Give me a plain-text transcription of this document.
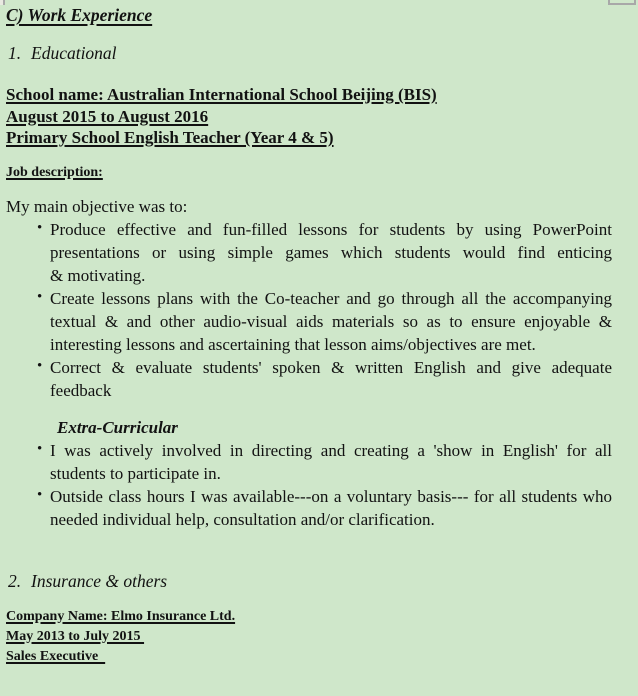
C) Work Experience
1. Educational
School name: Australian International School Beijing (BIS)
August 2015 to August 2016
Primary School English Teacher (Year 4 & 5)
Job description:
My main objective was to:
• Produce effective and fun-filled lessons for students by using PowerPoint presentations or using simple games which students would find enticing & motivating.
• Create lessons plans with the Co-teacher and go through all the accompanying textual & and other audio-visual aids materials so as to ensure enjoyable & interesting lessons and ascertaining that lesson aims/objectives are met.
• Correct & evaluate students' spoken & written English and give adequate feedback
Extra-Curricular
• I was actively involved in directing and creating a 'show in English' for all students to participate in.
• Outside class hours I was available---on a voluntary basis--- for all students who needed individual help, consultation and/or clarification.
2. Insurance & others
Company Name: Elmo Insurance Ltd.
May 2013 to July 2015
Sales Executive
